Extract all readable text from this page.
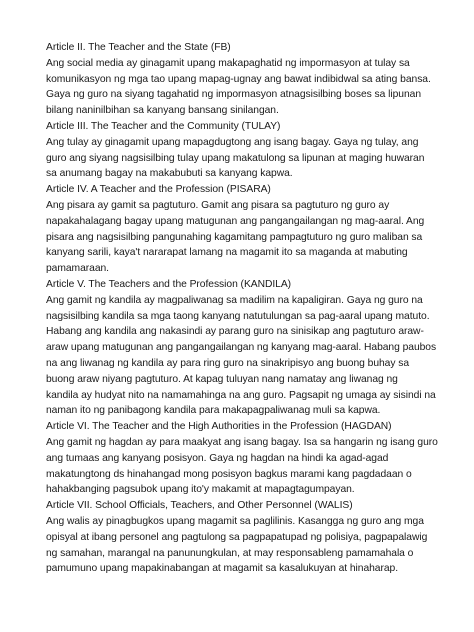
Article II. The Teacher and the State (FB)
Ang social media ay ginagamit upang makapaghatid ng impormasyon at tulay sa
komunikasyon ng mga tao upang mapag-ugnay ang bawat indibidwal sa ating bansa.
Gaya ng guro na siyang tagahatid ng impormasyon atnagsisilbing boses sa lipunan
bilang naninilbihan sa kanyang bansang sinilangan.
Article III. The Teacher and the Community (TULAY)
Ang tulay ay ginagamit upang mapagdugtong ang isang bagay. Gaya ng tulay, ang
guro ang siyang nagsisilbing tulay upang makatulong sa lipunan at maging huwaran
sa anumang bagay na makabubuti sa kanyang kapwa.
Article IV. A Teacher and the Profession (PISARA)
Ang pisara ay gamit sa pagtuturo. Gamit ang pisara sa pagtuturo ng guro ay
napakahalagang bagay upang matugunan ang pangangailangan ng mag-aaral. Ang
pisara ang nagsisilbing pangunahing kagamitang pampagtuturo ng guro maliban sa
kanyang sarili, kaya't nararapat lamang na magamit ito sa maganda at mabuting
pamamaraan.
Article V. The Teachers and the Profession (KANDILA)
Ang gamit ng kandila ay magpaliwanag sa madilim na kapaligiran. Gaya ng guro na
nagsisilbing kandila sa mga taong kanyang natutulungan sa pag-aaral upang matuto.
Habang ang kandila ang nakasindi ay parang guro na sinisikap ang pagtuturo araw-
araw upang matugunan ang pangangailangan ng kanyang mag-aaral. Habang paubos
na ang liwanag ng kandila ay para ring guro na sinakripisyo ang buong buhay sa
buong araw niyang pagtuturo. At kapag tuluyan nang namatay ang liwanag ng
kandila ay hudyat nito na namamahinga na ang guro. Pagsapit ng umaga ay sisindi na
naman ito ng panibagong kandila para makapagpaliwanag muli sa kapwa.
Article VI. The Teacher and the High Authorities in the Profession (HAGDAN)
Ang gamit ng hagdan ay para maakyat ang isang bagay. Isa sa hangarin ng isang guro
ang tumaas ang kanyang posisyon. Gaya ng hagdan na hindi ka agad-agad
makatungtong ds hinahangad mong posisyon bagkus marami kang pagdadaan o
hahakbanging pagsubok upang ito'y makamit at mapagtagumpayan.
Article VII. School Officials, Teachers, and Other Personnel (WALIS)
Ang walis ay pinagbugkos upang magamit sa paglilinis. Kasangga ng guro ang mga
opisyal at ibang personel ang pagtulong sa pagpapatupad ng polisiya, pagpapalawig
ng samahan, marangal na panunungkulan, at may responsableng pamamahala o
pamumuno upang mapakinabangan at magamit sa kasalukuyan at hinaharap.
